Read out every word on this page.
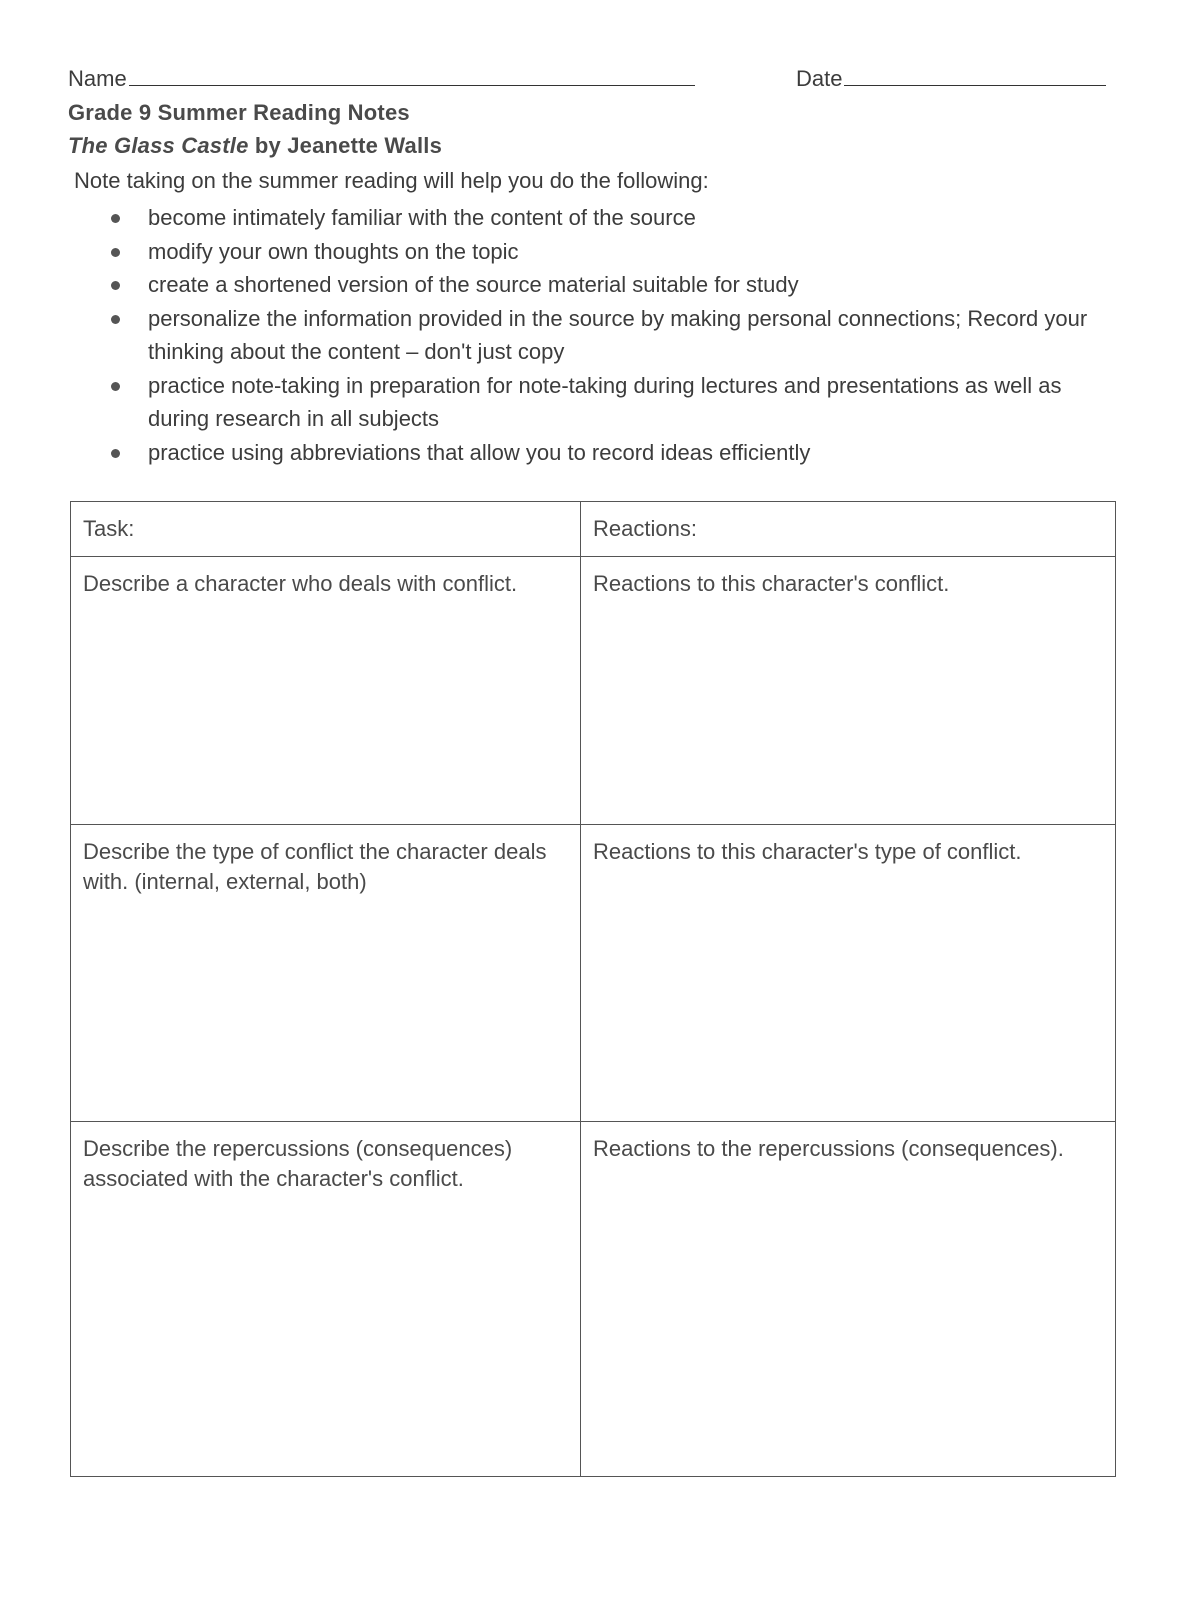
Name	Date
Grade 9 Summer Reading Notes
The Glass Castle by Jeanette Walls
Note taking on the summer reading will help you do the following:
become intimately familiar with the content of the source
modify your own thoughts on the topic
create a shortened version of the source material suitable for study
personalize the information provided in the source by making personal connections; Record your thinking about the content – don't just copy
practice note-taking in preparation for note-taking during lectures and presentations as well as during research in all subjects
practice using abbreviations that allow you to record ideas efficiently
Task:	Reactions:
Describe a character who deals with conflict.	Reactions to this character's conflict.
Describe the type of conflict the character deals with. (internal, external, both)	Reactions to this character's type of conflict.
Describe the repercussions (consequences) associated with the character's conflict.	Reactions to the repercussions (consequences).
